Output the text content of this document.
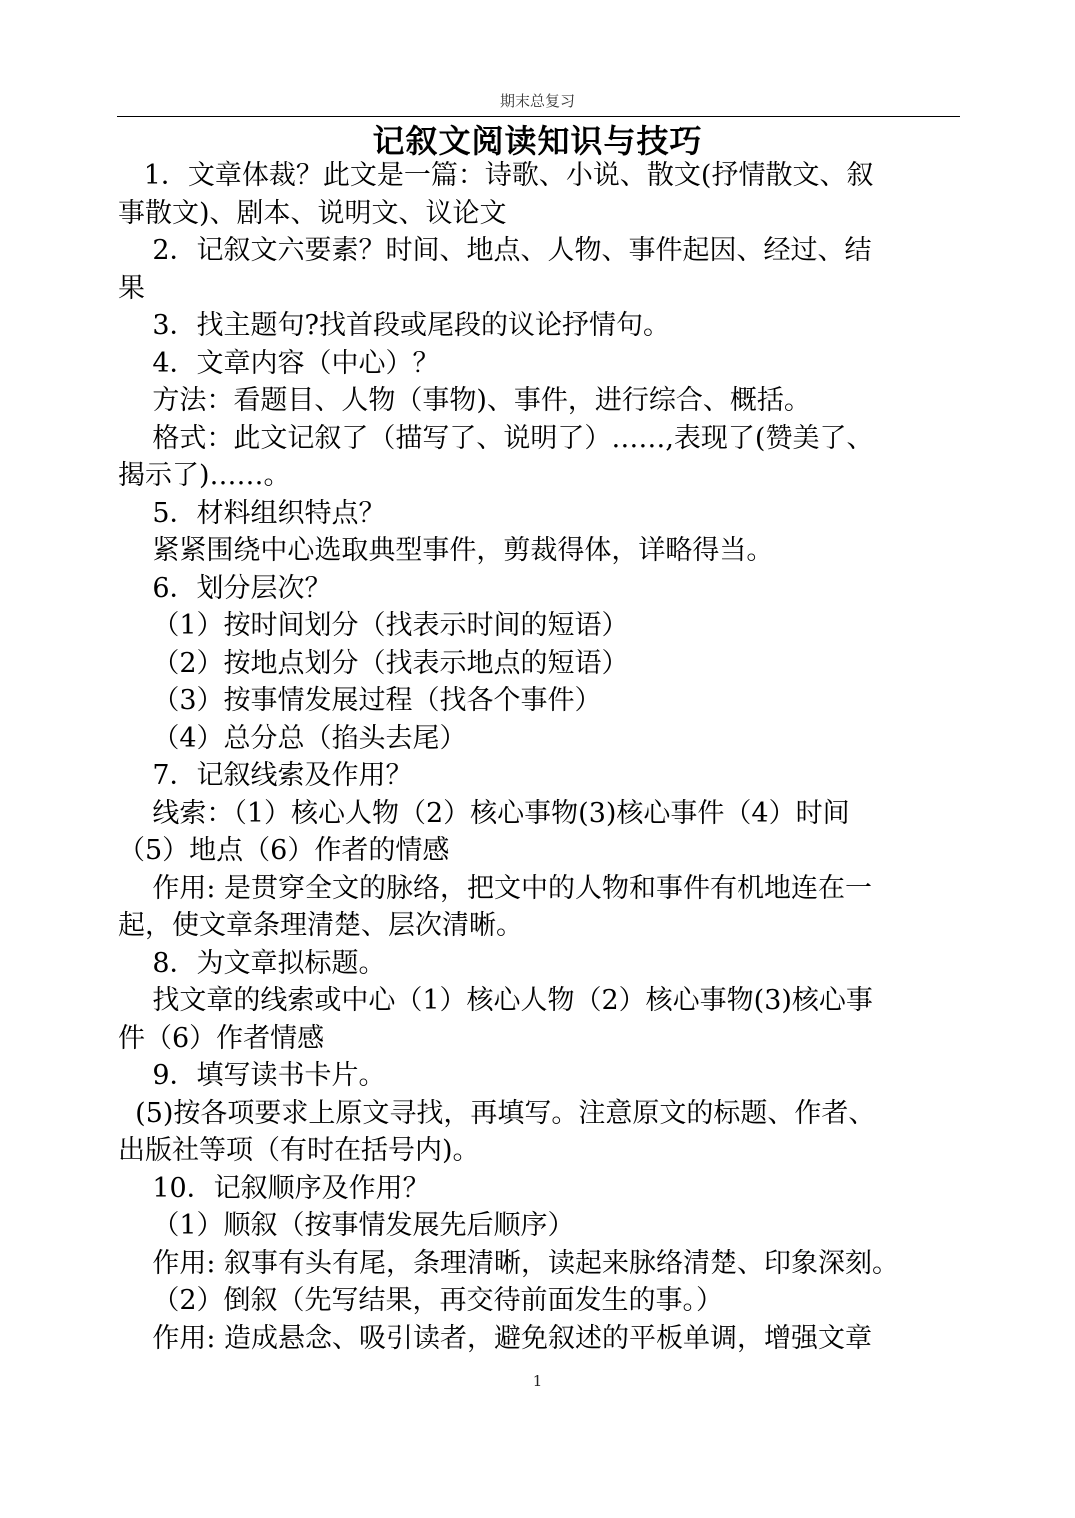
期末总复习
记叙文阅读知识与技巧
1．文章体裁？此文是一篇：诗歌、小说、散文(抒情散文、叙
事散文)、剧本、说明文、议论文
2．记叙文六要素？时间、地点、人物、事件起因、经过、结
果
3．找主题句?找首段或尾段的议论抒情句。
4．文章内容（中心）？
方法：看题目、人物（事物)、事件，进行综合、概括。
格式：此文记叙了（描写了、说明了）……,表现了(赞美了、
揭示了)……。
5．材料组织特点？
紧紧围绕中心选取典型事件，剪裁得体，详略得当。
6．划分层次？
（1）按时间划分（找表示时间的短语）
（2）按地点划分（找表示地点的短语）
（3）按事情发展过程（找各个事件）
（4）总分总（掐头去尾）
7．记叙线索及作用？
线索：（1）核心人物（2）核心事物(3)核心事件（4）时间
（5）地点（6）作者的情感
作用: 是贯穿全文的脉络，把文中的人物和事件有机地连在一
起，使文章条理清楚、层次清晰。
8．为文章拟标题。
找文章的线索或中心（1）核心人物（2）核心事物(3)核心事
件（6）作者情感
9．填写读书卡片。
(5)按各项要求上原文寻找，再填写。注意原文的标题、作者、
出版社等项（有时在括号内)。
10．记叙顺序及作用？
（1）顺叙（按事情发展先后顺序）
作用: 叙事有头有尾，条理清晰，读起来脉络清楚、印象深刻。
（2）倒叙（先写结果，再交待前面发生的事。）
作用: 造成悬念、吸引读者，避免叙述的平板单调，增强文章
1
